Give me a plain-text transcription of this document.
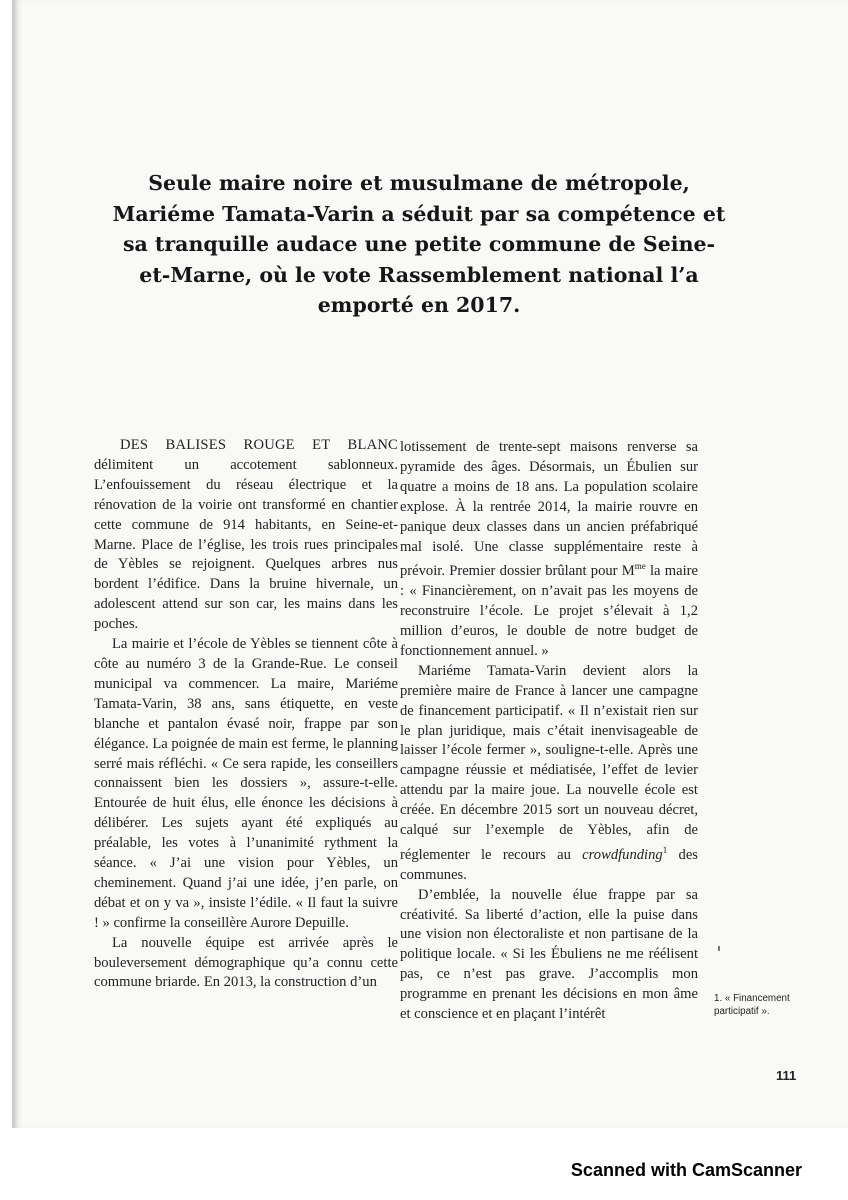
Seule maire noire et musulmane de métropole, Mariéme Tamata-Varin a séduit par sa compétence et sa tranquille audace une petite commune de Seine-et-Marne, où le vote Rassemblement national l’a emporté en 2017.

DES BALISES ROUGE ET BLANC délimitent un accotement sablonneux. L’enfouissement du réseau électrique et la rénovation de la voirie ont transformé en chantier cette commune de 914 habitants, en Seine-et-Marne. Place de l’église, les trois rues principales de Yèbles se rejoignent. Quelques arbres nus bordent l’édifice. Dans la bruine hivernale, un adolescent attend sur son car, les mains dans les poches.

La mairie et l’école de Yèbles se tiennent côte à côte au numéro 3 de la Grande-Rue. Le conseil municipal va commencer. La maire, Mariéme Tamata-Varin, 38 ans, sans étiquette, en veste blanche et pantalon évasé noir, frappe par son élégance. La poignée de main est ferme, le planning serré mais réfléchi. « Ce sera rapide, les conseillers connaissent bien les dossiers », assure-t-elle. Entourée de huit élus, elle énonce les décisions à délibérer. Les sujets ayant été expliqués au préalable, les votes à l’unanimité rythment la séance. « J’ai une vision pour Yèbles, un cheminement. Quand j’ai une idée, j’en parle, on débat et on y va », insiste l’édile. « Il faut la suivre ! » confirme la conseillère Aurore Depuille.

La nouvelle équipe est arrivée après le bouleversement démographique qu’a connu cette commune briarde. En 2013, la construction d’un

lotissement de trente-sept maisons renverse sa pyramide des âges. Désormais, un Ébulien sur quatre a moins de 18 ans. La population scolaire explose. À la rentrée 2014, la mairie rouvre en panique deux classes dans un ancien préfabriqué mal isolé. Une classe supplémentaire reste à prévoir. Premier dossier brûlant pour $M^{me}$ la maire : « Financièrement, on n’avait pas les moyens de reconstruire l’école. Le projet s’élevait à 1,2 million d’euros, le double de notre budget de fonctionnement annuel. »

Mariéme Tamata-Varin devient alors la première maire de France à lancer une campagne de financement participatif. « Il n’existait rien sur le plan juridique, mais c’était inenvisageable de laisser l’école fermer », souligne-t-elle. Après une campagne réussie et médiatisée, l’effet de levier attendu par la maire joue. La nouvelle école est créée. En décembre 2015 sort un nouveau décret, calqué sur l’exemple de Yèbles, afin de réglementer le recours au crowdfunding$^1$ des communes.

D’emblée, la nouvelle élue frappe par sa créativité. Sa liberté d’action, elle la puise dans une vision non électoraliste et non partisane de la politique locale. « Si les Ébuliens ne me réélisent pas, ce n’est pas grave. J’accomplis mon programme en prenant les décisions en mon âme et conscience et en plaçant l’intérêt

1. « Financement
participatif ».
111
Scanned with CamScanner
